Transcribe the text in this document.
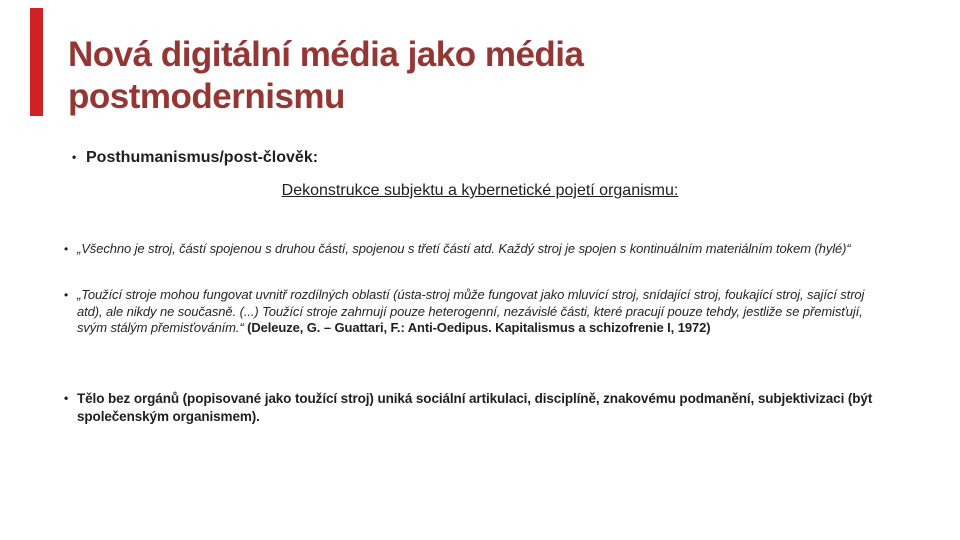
Nová digitální média jako média postmodernismu
• Posthumanismus/post-člověk:
Dekonstrukce subjektu a kybernetické pojetí organismu:
• „Všechno je stroj, částí spojenou s druhou částí, spojenou s třetí částí atd. Každý stroj je spojen s kontinuálním materiálním tokem (hylé)“
• „Toužící stroje mohou fungovat uvnitř rozdílných oblastí (ústa-stroj může fungovat jako mluvící stroj, snídající stroj, foukající stroj, sající stroj atd), ale nikdy ne současně. (...) Toužící stroje zahrnují pouze heterogenní, nezávislé části, které pracují pouze tehdy, jestliže se přemisťují, svým stálým přemisťováním.“ (Deleuze, G. – Guattari, F.: Anti-Oedipus. Kapitalismus a schizofrenie I, 1972)
• Tělo bez orgánů (popisované jako toužící stroj) uniká sociální artikulaci, disciplíně, znakovému podmanění, subjektivizaci (být společenským organismem).
